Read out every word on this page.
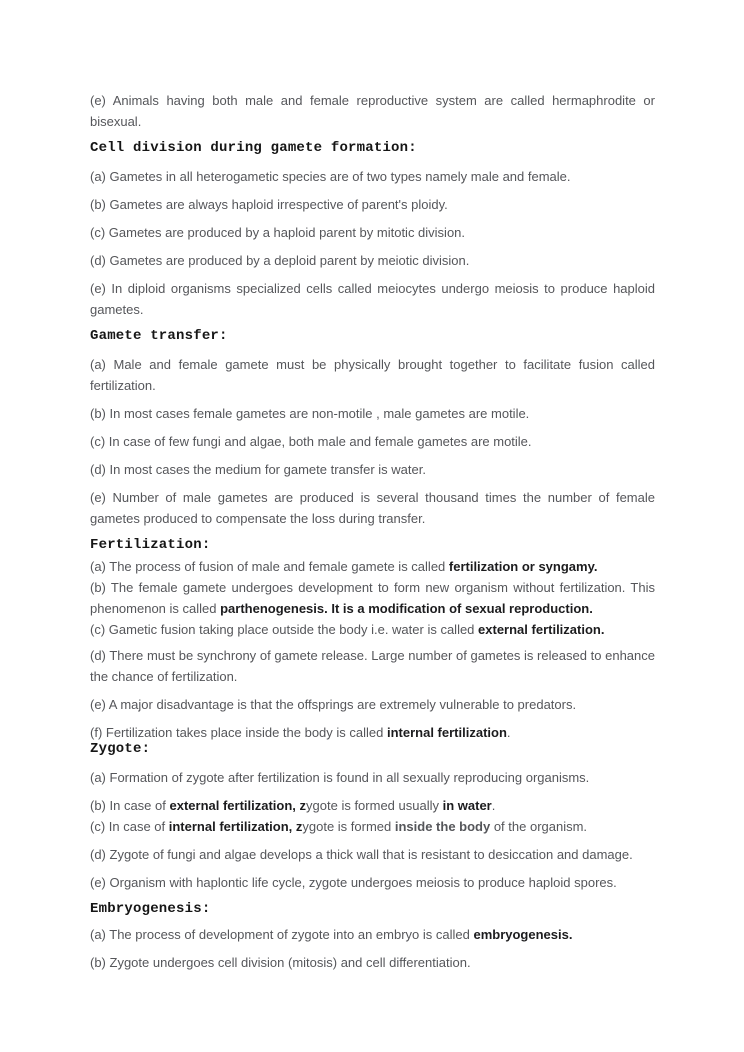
(e) Animals having both male and female reproductive system are called hermaphrodite or bisexual.

Cell division during gamete formation:

(a) Gametes in all heterogametic species are of two types namely male and female.

(b) Gametes are always haploid irrespective of parent's ploidy.

(c) Gametes are produced by a haploid parent by mitotic division.

(d) Gametes are produced by a deploid parent by meiotic division.

(e) In diploid organisms specialized cells called meiocytes undergo meiosis to produce haploid gametes.

Gamete transfer:

(a) Male and female gamete must be physically brought together to facilitate fusion called fertilization.

(b) In most cases female gametes are non-motile , male gametes are motile.

(c) In case of few fungi and algae, both male and female gametes are motile.

(d) In most cases the medium for gamete transfer is water.

(e) Number of male gametes are produced is several thousand times the number of female gametes produced to compensate the loss during transfer.

Fertilization:

(a) The process of fusion of male and female gamete is called fertilization or syngamy.

(b) The female gamete undergoes development to form new organism without fertilization. This phenomenon is called parthenogenesis. It is a modification of sexual reproduction.

(c) Gametic fusion taking place outside the body i.e. water is called external fertilization.

(d) There must be synchrony of gamete release. Large number of gametes is released to enhance the chance of fertilization.

(e) A major disadvantage is that the offsprings are extremely vulnerable to predators.

(f) Fertilization takes place inside the body is called internal fertilization.

Zygote:

(a) Formation of zygote after fertilization is found in all sexually reproducing organisms.

(b) In case of external fertilization, zygote is formed usually in water.

(c) In case of internal fertilization, zygote is formed inside the body of the organism.

(d) Zygote of fungi and algae develops a thick wall that is resistant to desiccation and damage.

(e) Organism with haplontic life cycle, zygote undergoes meiosis to produce haploid spores.

Embryogenesis:

(a) The process of development of zygote into an embryo is called embryogenesis.

(b) Zygote undergoes cell division (mitosis) and cell differentiation.
